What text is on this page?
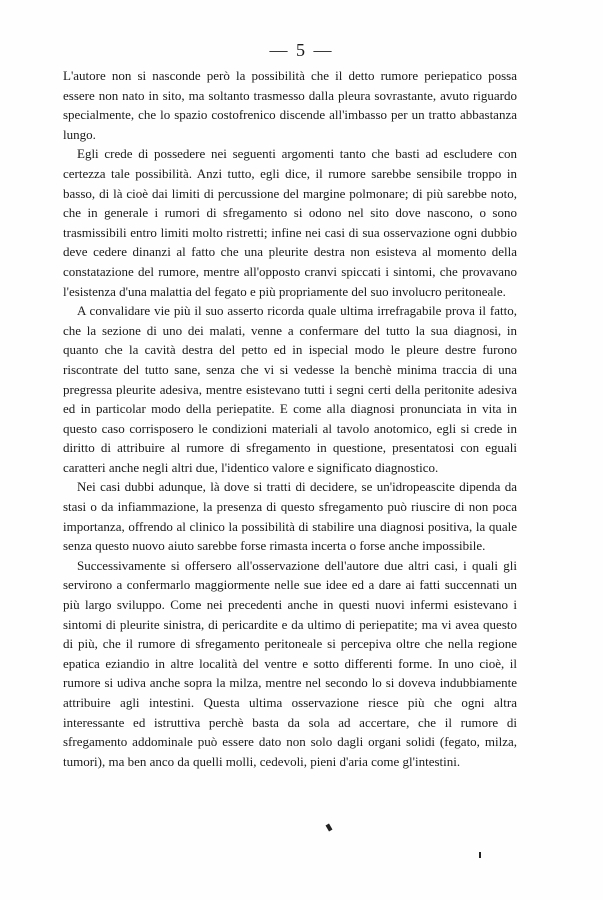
— 5 —

L'autore non si nasconde però la possibilità che il detto rumore periepatico possa essere non nato in sito, ma soltanto trasmesso dalla pleura sovrastante, avuto riguardo specialmente, che lo spazio costofrenico discende all'imbasso per un tratto abbastanza lungo.

Egli crede di possedere nei seguenti argomenti tanto che basti ad escludere con certezza tale possibilità. Anzi tutto, egli dice, il rumore sarebbe sensibile troppo in basso, di là cioè dai limiti di percussione del margine polmonare; di più sarebbe noto, che in generale i rumori di sfregamento si odono nel sito dove nascono, o sono trasmissibili entro limiti molto ristretti; infine nei casi di sua osservazione ogni dubbio deve cedere dinanzi al fatto che una pleurite destra non esisteva al momento della constatazione del rumore, mentre all'opposto cranvi spiccati i sintomi, che provavano l'esistenza d'una malattia del fegato e più propriamente del suo involucro peritoneale.

A convalidare vie più il suo asserto ricorda quale ultima irrefragabile prova il fatto, che la sezione di uno dei malati, venne a confermare del tutto la sua diagnosi, in quanto che la cavità destra del petto ed in ispecial modo le pleure destre furono riscontrate del tutto sane, senza che vi si vedesse la benchè minima traccia di una pregressa pleurite adesiva, mentre esistevano tutti i segni certi della peritonite adesiva ed in particolar modo della periepatite. E come alla diagnosi pronunciata in vita in questo caso corrisposero le condizioni materiali al tavolo anotomico, egli si crede in diritto di attribuire al rumore di sfregamento in questione, presentatosi con eguali caratteri anche negli altri due, l'identico valore e significato diagnostico.

Nei casi dubbi adunque, là dove si tratti di decidere, se un'idropeascite dipenda da stasi o da infiammazione, la presenza di questo sfregamento può riuscire di non poca importanza, offrendo al clinico la possibilità di stabilire una diagnosi positiva, la quale senza questo nuovo aiuto sarebbe forse rimasta incerta o forse anche impossibile.

Successivamente si offersero all'osservazione dell'autore due altri casi, i quali gli servirono a confermarlo maggiormente nelle sue idee ed a dare ai fatti succennati un più largo sviluppo. Come nei precedenti anche in questi nuovi infermi esistevano i sintomi di pleurite sinistra, di pericardite e da ultimo di periepatite; ma vi avea questo di più, che il rumore di sfregamento peritoneale si percepiva oltre che nella regione epatica eziandio in altre località del ventre e sotto differenti forme. In uno cioè, il rumore si udiva anche sopra la milza, mentre nel secondo lo si doveva indubbiamente attribuire agli intestini. Questa ultima osservazione riesce più che ogni altra interessante ed istruttiva perchè basta da sola ad accertare, che il rumore di sfregamento addominale può essere dato non solo dagli organi solidi (fegato, milza, tumori), ma ben anco da quelli molli, cedevoli, pieni d'aria come gl'intestini.
